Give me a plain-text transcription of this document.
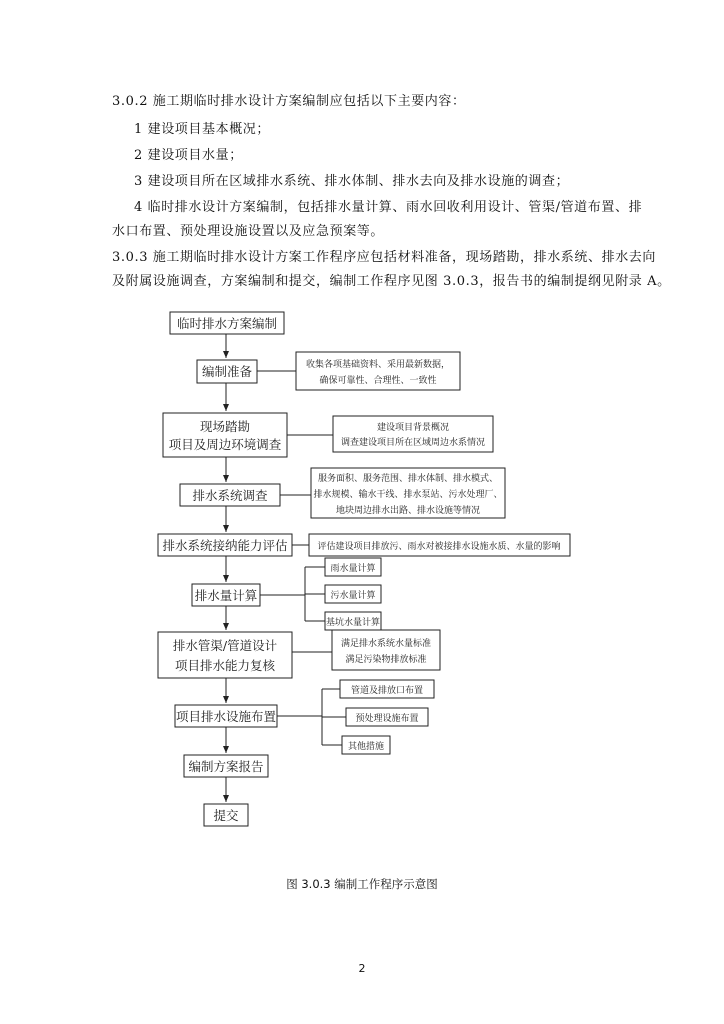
3.0.2 施工期临时排水设计方案编制应包括以下主要内容：
1 建设项目基本概况；
2 建设项目水量；
3 建设项目所在区域排水系统、排水体制、排水去向及排水设施的调查；
4 临时排水设计方案编制，包括排水量计算、雨水回收利用设计、管渠/管道布置、排
水口布置、预处理设施设置以及应急预案等。
3.0.3 施工期临时排水设计方案工作程序应包括材料准备，现场踏勘，排水系统、排水去向
及附属设施调查，方案编制和提交，编制工作程序见图 3.0.3，报告书的编制提纲见附录 A。
临时排水方案编制
编制准备
现场踏勘
项目及周边环境调查
排水系统调查
排水系统接纳能力评估
排水量计算
排水管渠/管道设计
项目排水能力复核
项目排水设施布置
编制方案报告
提交
收集各项基础资料、采用最新数据，
确保可靠性、合理性、一致性
建设项目背景概况
调查建设项目所在区域周边水系情况
服务面积、服务范围、排水体制、排水模式、
排水规模、输水干线、排水泵站、污水处理厂、
地块周边排水出路、排水设施等情况
评估建设项目排放污、雨水对被接排水设施水质、水量的影响
雨水量计算
污水量计算
基坑水量计算
满足排水系统水量标准
满足污染物排放标准
管道及排放口布置
预处理设施布置
其他措施
图 3.0.3 编制工作程序示意图
2
